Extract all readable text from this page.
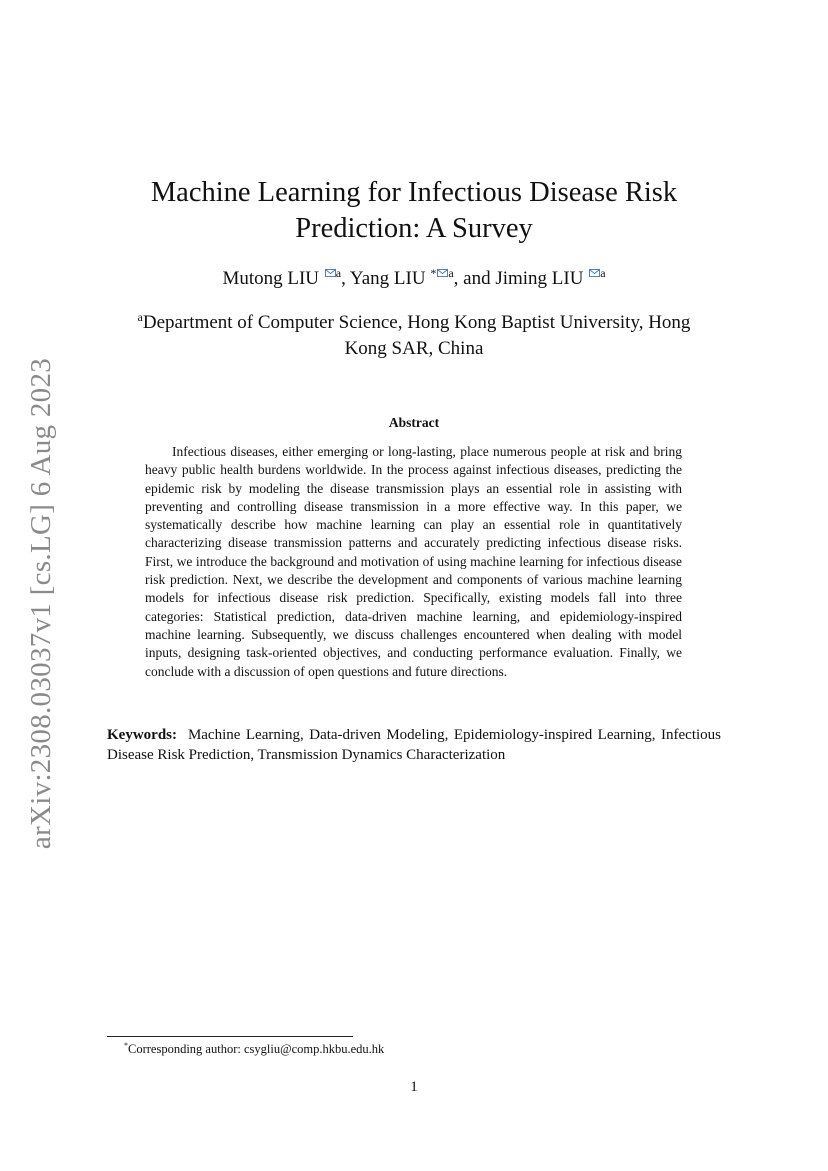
arXiv:2308.03037v1 [cs.LG] 6 Aug 2023
Machine Learning for Infectious Disease Risk
Prediction: A Survey
Mutong LIU $^a$, Yang LIU $^{* a}$, and Jiming LIU $^a$
$^a$Department of Computer Science, Hong Kong Baptist University, Hong
Kong SAR, China
Abstract

Infectious diseases, either emerging or long-lasting, place numerous people at risk and bring heavy public health burdens worldwide. In the process against infectious diseases, predicting the epidemic risk by modeling the disease transmission plays an essential role in assisting with preventing and controlling disease transmission in a more effective way. In this paper, we systematically describe how machine learning can play an essential role in quantitatively characterizing disease transmission patterns and accurately predicting infectious disease risks. First, we introduce the background and motivation of using machine learning for infectious disease risk prediction. Next, we describe the development and components of various machine learning models for infectious disease risk prediction. Specifically, existing models fall into three categories: Statistical prediction, data-driven machine learning, and epidemiology-inspired machine learning. Subsequently, we discuss challenges encountered when dealing with model inputs, designing task-oriented objectives, and conducting performance evaluation. Finally, we conclude with a discussion of open questions and future directions.

Keywords: Machine Learning, Data-driven Modeling, Epidemiology-inspired Learning, Infectious Disease Risk Prediction, Transmission Dynamics Characterization

*Corresponding author: csygliu@comp.hkbu.edu.hk
1
